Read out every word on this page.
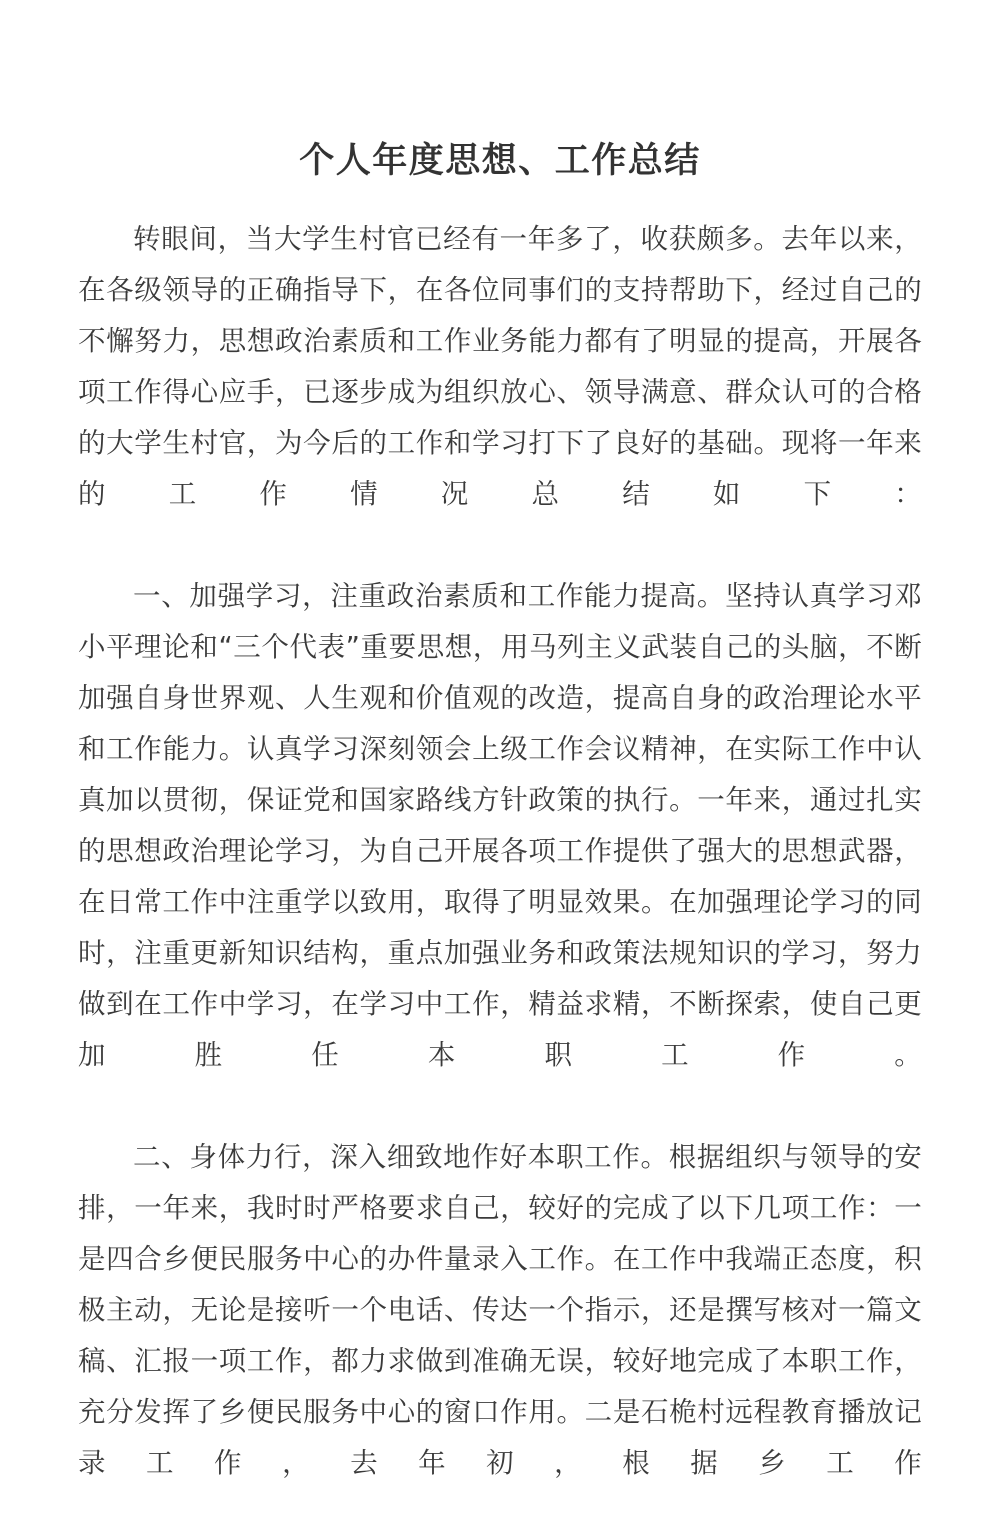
个人年度思想、工作总结

转眼间，当大学生村官已经有一年多了，收获颇多。去年以来，在各级领导的正确指导下，在各位同事们的支持帮助下，经过自己的不懈努力，思想政治素质和工作业务能力都有了明显的提高，开展各项工作得心应手，已逐步成为组织放心、领导满意、群众认可的合格的大学生村官，为今后的工作和学习打下了良好的基础。现将一年来的工作情况总结如下：

一、加强学习，注重政治素质和工作能力提高。坚持认真学习邓小平理论和“三个代表”重要思想，用马列主义武装自己的头脑，不断加强自身世界观、人生观和价值观的改造，提高自身的政治理论水平和工作能力。认真学习深刻领会上级工作会议精神，在实际工作中认真加以贯彻，保证党和国家路线方针政策的执行。一年来，通过扎实的思想政治理论学习，为自己开展各项工作提供了强大的思想武器，在日常工作中注重学以致用，取得了明显效果。在加强理论学习的同时，注重更新知识结构，重点加强业务和政策法规知识的学习，努力做到在工作中学习，在学习中工作，精益求精，不断探索，使自己更加胜任本职工作。

二、身体力行，深入细致地作好本职工作。根据组织与领导的安排，一年来，我时时严格要求自己，较好的完成了以下几项工作：一是四合乡便民服务中心的办件量录入工作。在工作中我端正态度，积极主动，无论是接听一个电话、传达一个指示，还是撰写核对一篇文稿、汇报一项工作，都力求做到准确无误，较好地完成了本职工作，充分发挥了乡便民服务中心的窗口作用。二是石桅村远程教育播放记录工作，去年初，根据乡工作
